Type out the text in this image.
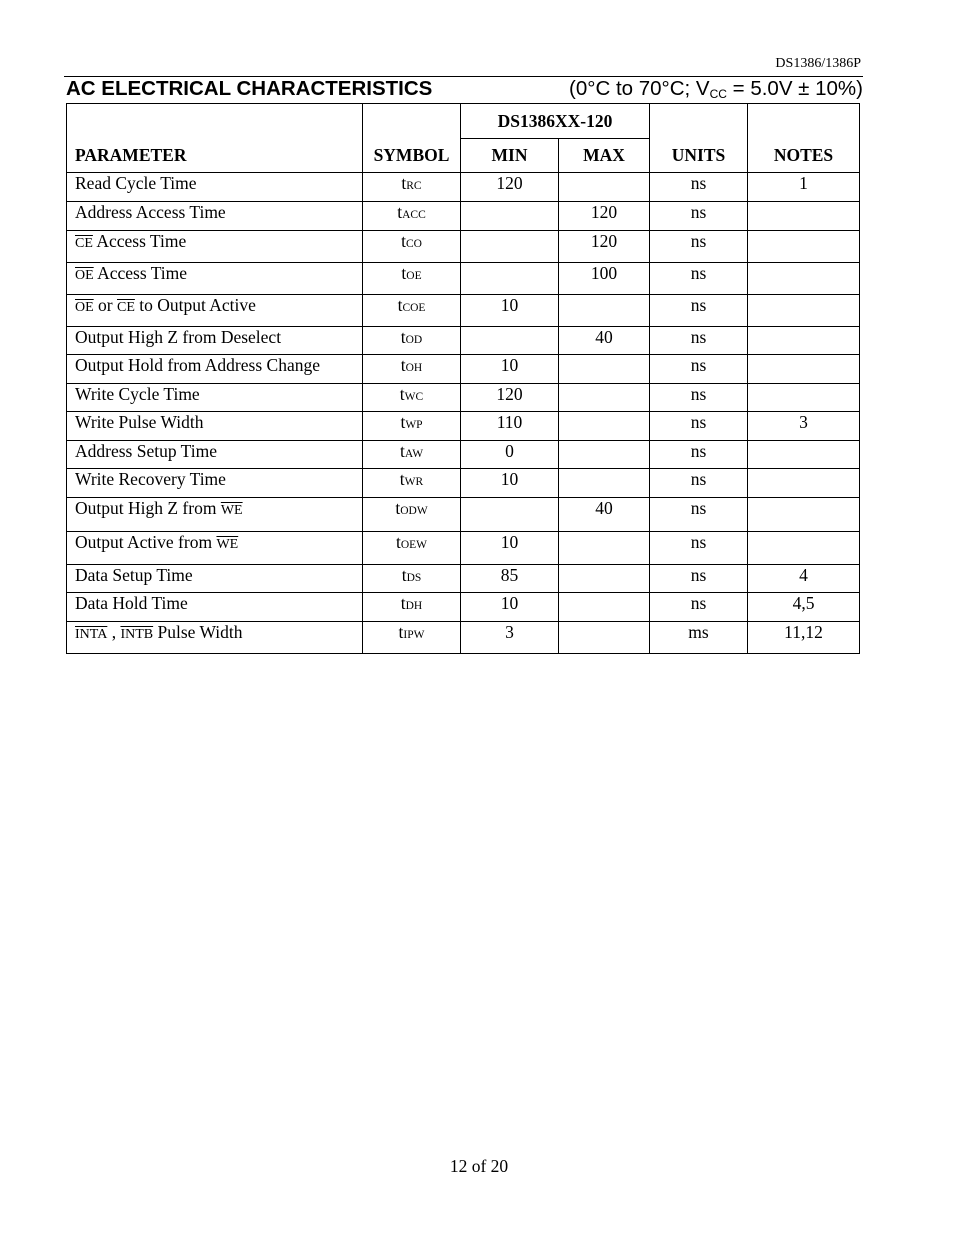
DS1386/1386P
AC ELECTRICAL CHARACTERISTICS	(0°C to 70°C; $V_{CC} = 5.0V \pm 10\%$)
PARAMETER	SYMBOL	DS1386XX-120		UNITS	NOTES
		MIN	MAX		
Read Cycle Time	tRC	120		ns	1
Address Access Time	tACC		120	ns	
$\overline{CE}$ Access Time	tCO		120	ns	
$\overline{OE}$ Access Time	tOE		100	ns	
$\overline{OE}$ or $\overline{CE}$ to Output Active	tCOE	10		ns	
Output High Z from Deselect	tOD		40	ns	
Output Hold from Address Change	tOH	10		ns	
Write Cycle Time	tWC	120		ns	
Write Pulse Width	tWP	110		ns	3
Address Setup Time	tAW	0		ns	
Write Recovery Time	tWR	10		ns	
Output High Z from $\overline{WE}$	tODW		40	ns	
Output Active from $\overline{WE}$	tOEW	10		ns	
Data Setup Time	tDS	85		ns	4
Data Hold Time	tDH	10		ns	4,5
INTA , INTB Pulse Width	tIPW	3		ms	11,12
12 of 20
